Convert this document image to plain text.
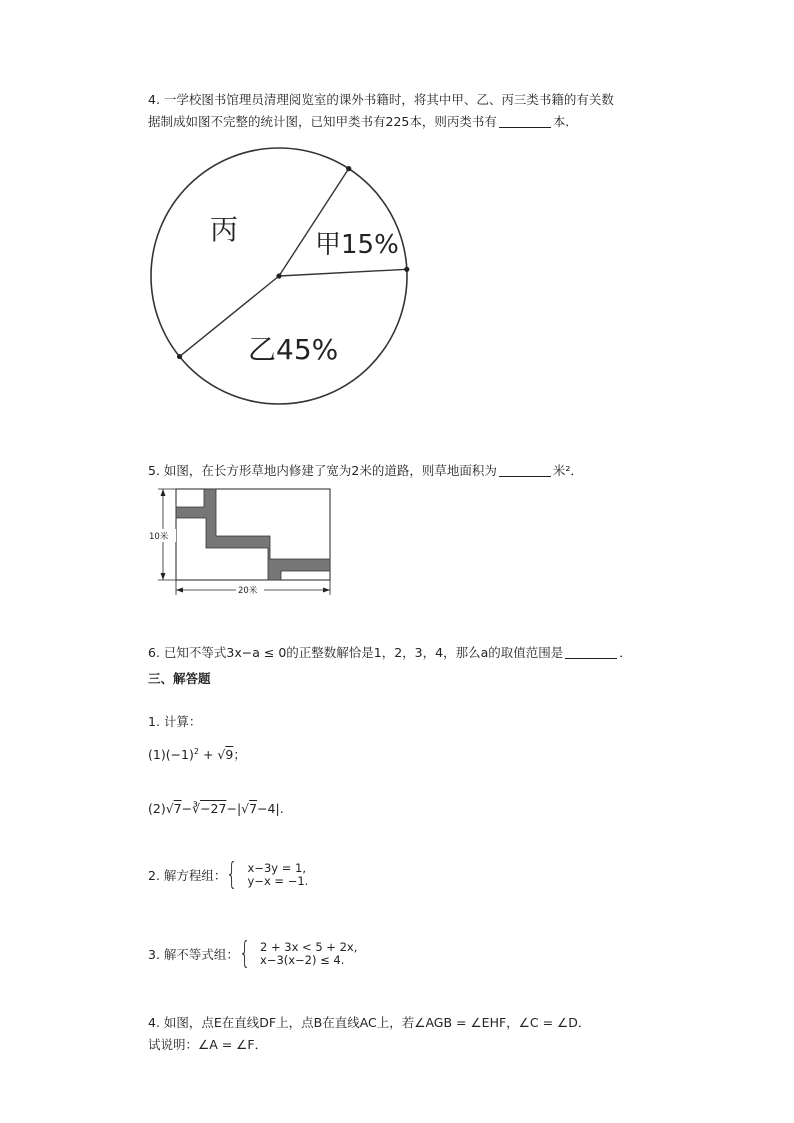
4. 一学校图书馆理员清理阅览室的课外书籍时，将其中甲、乙、丙三类书籍的有关数
据制成如图不完整的统计图，已知甲类书有225本，则丙类书有	本．
丙	甲15%
乙45%
5. 如图，在长方形草地内修建了宽为2米的道路，则草地面积为	米²．
10米
20米
6. 已知不等式3x−a ≤ 0的正整数解恰是1，2，3，4，那么a的取值范围是	．
三、解答题
1. 计算：
$(1)(-1)^2 + √9$；
(2)√7−∛−27−|√7−4|.
2. 解方程组： { x−3y = 1,
y−x = −1.
3. 解不等式组： { 2 + 3x < 5 + 2x,
x−3(x−2) ≤ 4.
4. 如图，点E在直线DF上，点B在直线AC上，若∠AGB = ∠EHF，∠C = ∠D．
试说明：∠A = ∠F．
